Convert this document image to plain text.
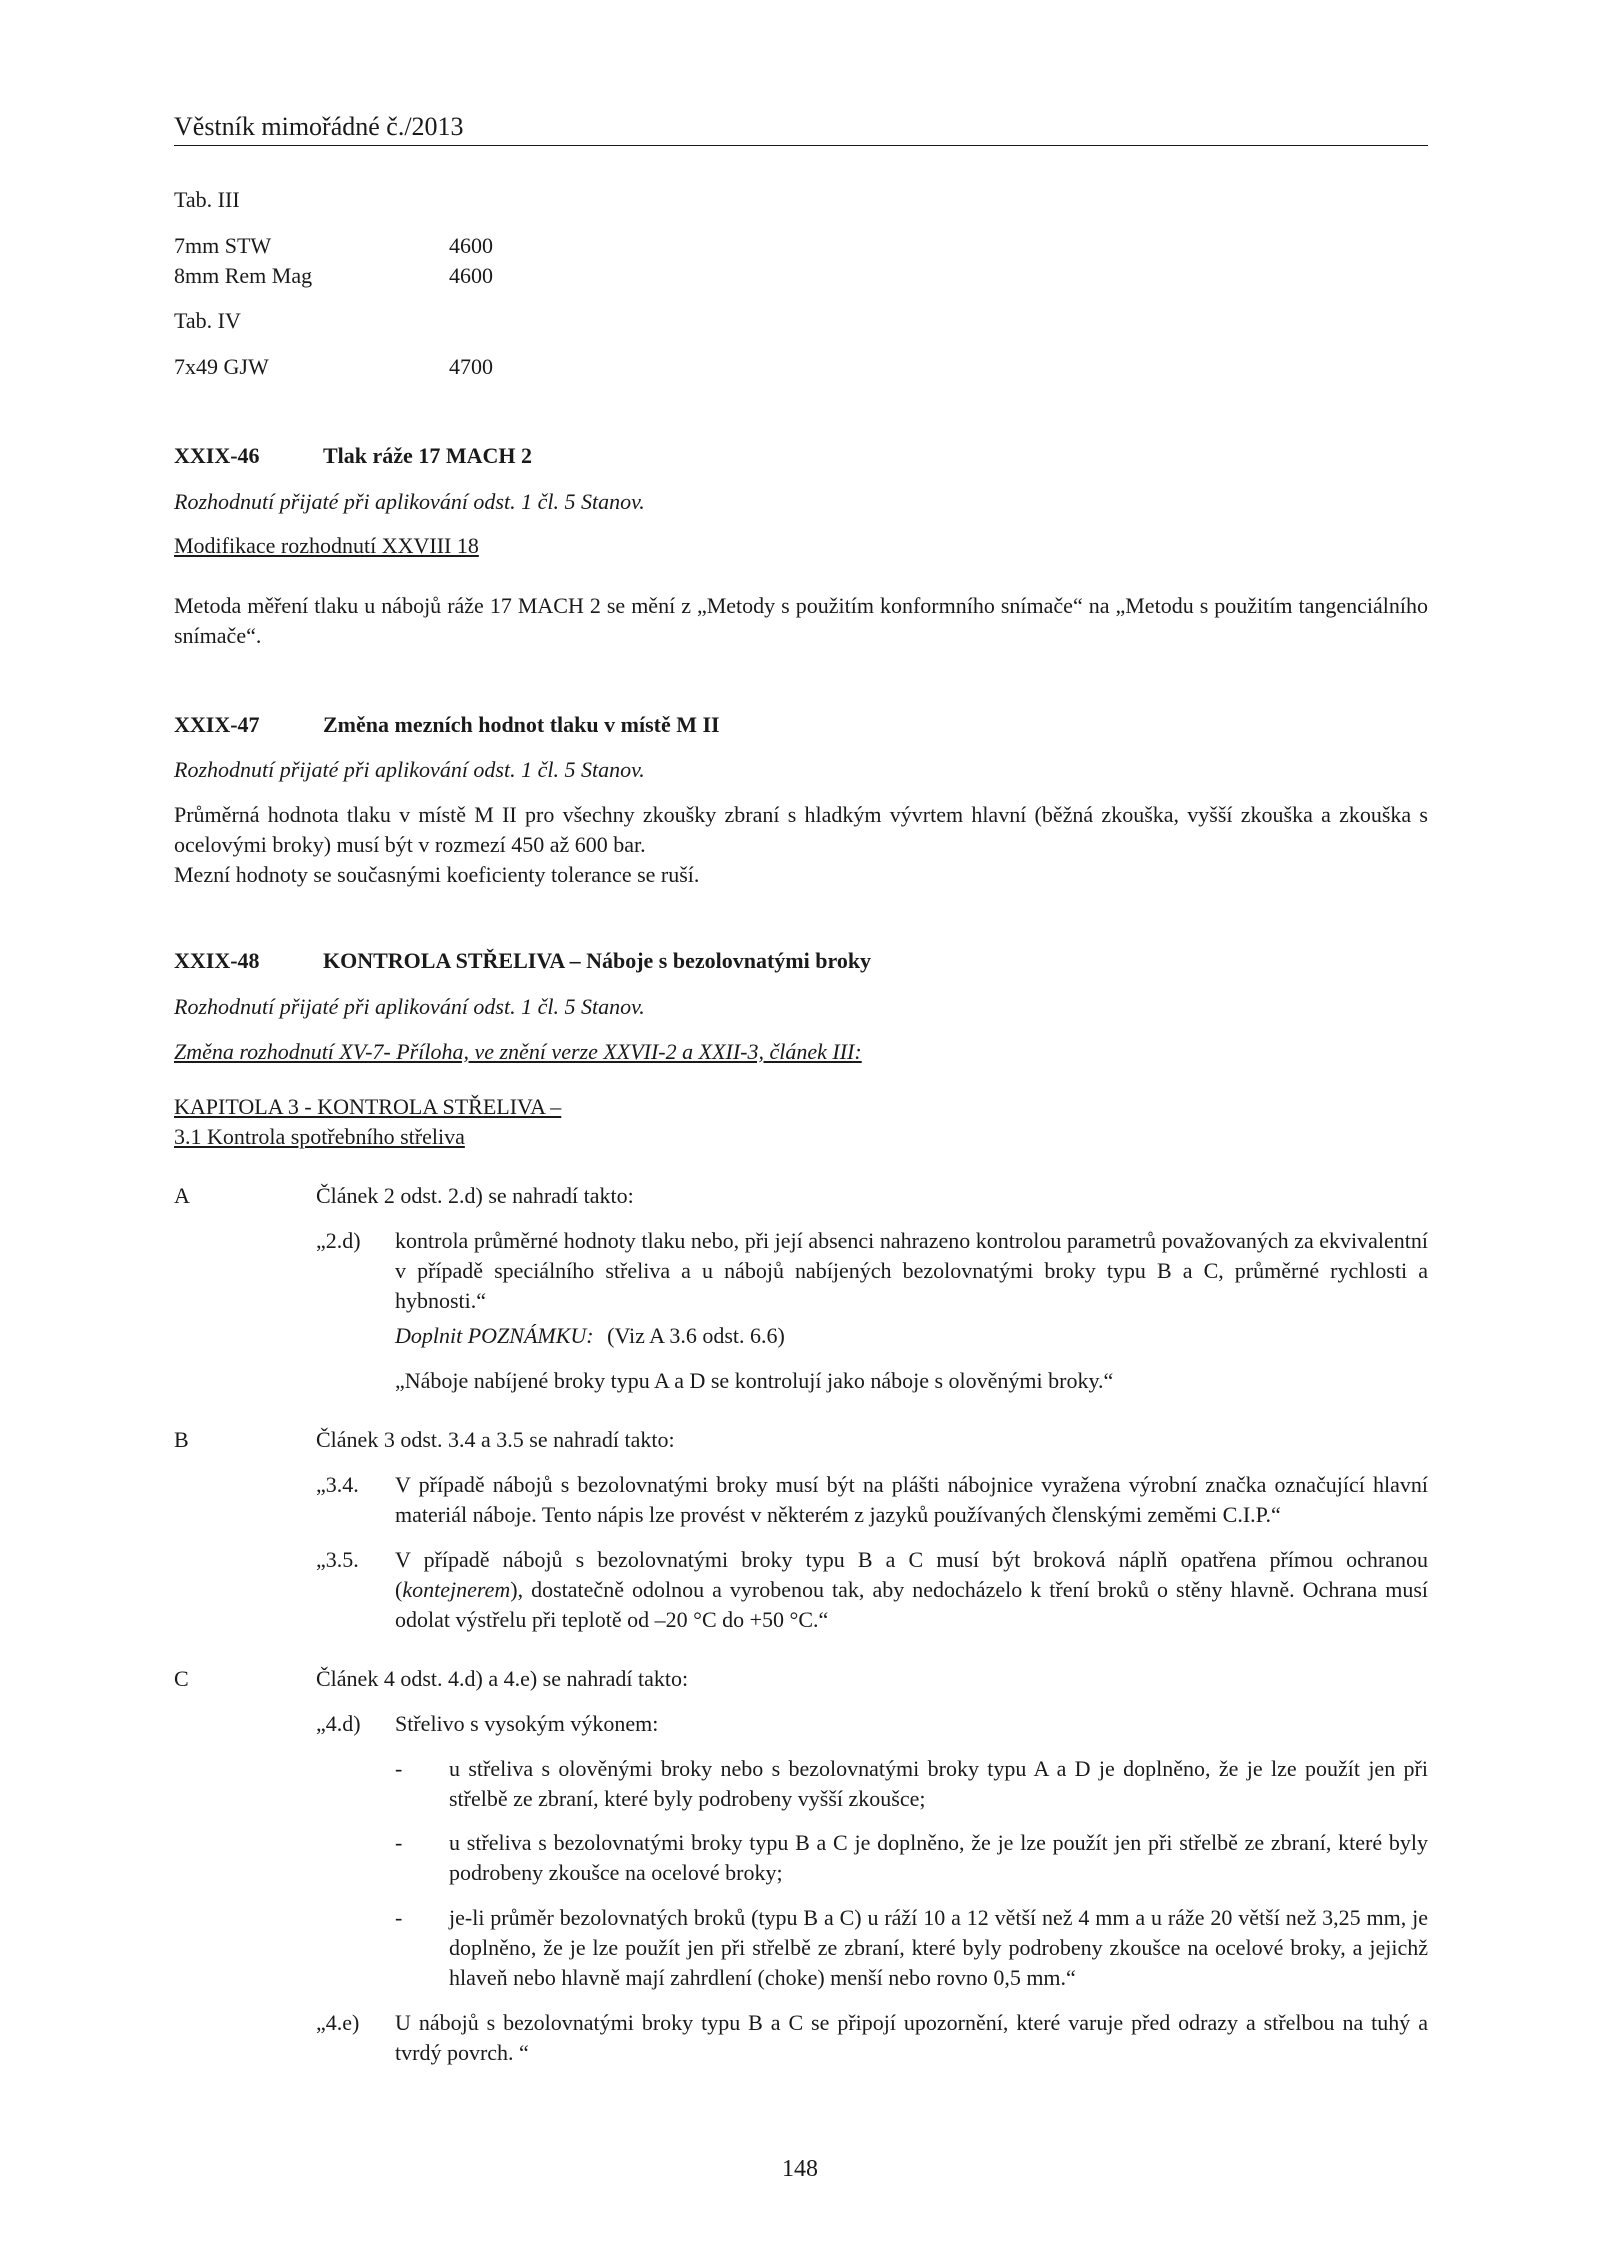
Věstník mimořádné č./2013
Tab. III
7mm STW	4600
8mm Rem Mag	4600
Tab. IV
7x49 GJW	4700
XXIX-46	Tlak ráže 17 MACH 2
Rozhodnutí přijaté při aplikování odst. 1 čl. 5 Stanov.
Modifikace rozhodnutí XXVIII 18
Metoda měření tlaku u nábojů ráže 17 MACH 2 se mění z „Metody s použitím konformního snímače“ na „Metodu s použitím tangenciálního snímače“.
XXIX-47	Změna mezních hodnot tlaku v místě M II
Rozhodnutí přijaté při aplikování odst. 1 čl. 5 Stanov.
Průměrná hodnota tlaku v místě M II pro všechny zkoušky zbraní s hladkým vývrtem hlavní (běžná zkouška, vyšší zkouška a zkouška s ocelovými broky) musí být v rozmezí 450 až 600 bar.
Mezní hodnoty se současnými koeficienty tolerance se ruší.
XXIX-48	KONTROLA STŘELIVA – Náboje s bezolovnatými broky
Rozhodnutí přijaté při aplikování odst. 1 čl. 5 Stanov.
Změna rozhodnutí XV-7- Příloha, ve znění verze XXVII-2 a XXII-3, článek III:
KAPITOLA 3 - KONTROLA STŘELIVA –
3.1 Kontrola spotřebního střeliva
A	Článek 2 odst. 2.d) se nahradí takto:
„2.d) kontrola průměrné hodnoty tlaku nebo, při její absenci nahrazeno kontrolou parametrů považovaných za ekvivalentní v případě speciálního střeliva a u nábojů nabíjených bezolovnatými broky typu B a C, průměrné rychlosti a hybnosti.“
Doplnit POZNÁMKU: (Viz A 3.6 odst. 6.6)
„Náboje nabíjené broky typu A a D se kontrolují jako náboje s olověnými broky.“
B	Článek 3 odst. 3.4 a 3.5 se nahradí takto:
„3.4. V případě nábojů s bezolovnatými broky musí být na plášti nábojnice vyražena výrobní značka označující hlavní materiál náboje. Tento nápis lze provést v některém z jazyků používaných členskými zeměmi C.I.P.“
„3.5. V případě nábojů s bezolovnatými broky typu B a C musí být broková náplň opatřena přímou ochranou (kontejnerem), dostatečně odolnou a vyrobenou tak, aby nedocházelo k tření broků o stěny hlavně. Ochrana musí odolat výstřelu při teplotě od –20 °C do +50 °C.“
C	Článek 4 odst. 4.d) a 4.e) se nahradí takto:
„4.d) Střelivo s vysokým výkonem:
- u střeliva s olověnými broky nebo s bezolovnatými broky typu A a D je doplněno, že je lze použít jen při střelbě ze zbraní, které byly podrobeny vyšší zkoušce;
- u střeliva s bezolovnatými broky typu B a C je doplněno, že je lze použít jen při střelbě ze zbraní, které byly podrobeny zkoušce na ocelové broky;
- je-li průměr bezolovnatých broků (typu B a C) u ráží 10 a 12 větší než 4 mm a u ráže 20 větší než 3,25 mm, je doplněno, že je lze použít jen při střelbě ze zbraní, které byly podrobeny zkoušce na ocelové broky, a jejichž hlaveň nebo hlavně mají zahrdlení (choke) menší nebo rovno 0,5 mm.“
„4.e) U nábojů s bezolovnatými broky typu B a C se připojí upozornění, které varuje před odrazy a střelbou na tuhý a tvrdý povrch. “
148
